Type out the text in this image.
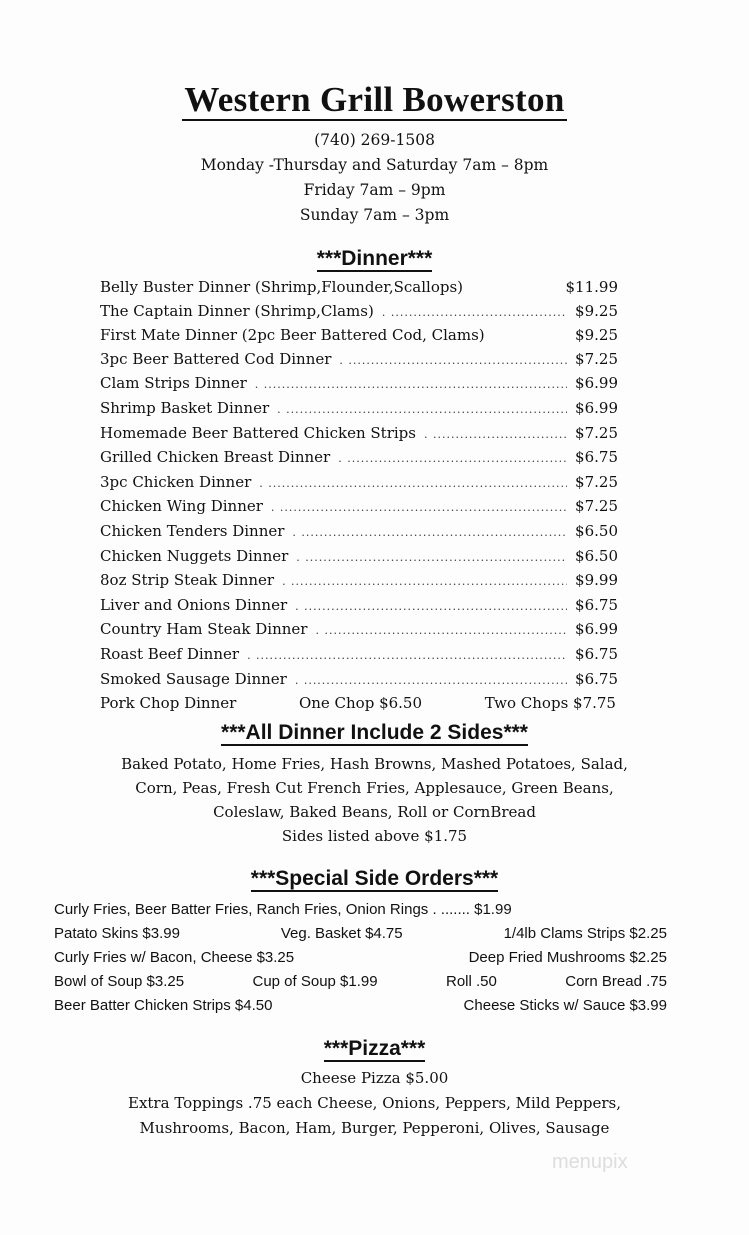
Western Grill Bowerston
(740) 269-1508
Monday -Thursday and Saturday 7am – 8pm
Friday 7am – 9pm
Sunday 7am – 3pm
***Dinner***
Belly Buster Dinner (Shrimp,Flounder,Scallops)	$11.99
The Captain Dinner (Shrimp,Clams) . ...	$9.25
First Mate Dinner (2pc Beer Battered Cod, Clams)	$9.25
3pc Beer Battered Cod Dinner . ...	$7.25
Clam Strips Dinner . ...	$6.99
Shrimp Basket Dinner . ...	$6.99
Homemade Beer Battered Chicken Strips . ...	$7.25
Grilled Chicken Breast Dinner . ...	$6.75
3pc Chicken Dinner . ...	$7.25
Chicken Wing Dinner . ...	$7.25
Chicken Tenders Dinner . ...	$6.50
Chicken Nuggets Dinner . ...	$6.50
8oz Strip Steak Dinner . ...	$9.99
Liver and Onions Dinner . ...	$6.75
Country Ham Steak Dinner . ...	$6.99
Roast Beef Dinner . ...	$6.75
Smoked Sausage Dinner . ...	$6.75
Pork Chop Dinner	One Chop $6.50	Two Chops $7.75
***All Dinner Include 2 Sides***
Baked Potato, Home Fries, Hash Browns, Mashed Potatoes, Salad,
Corn, Peas, Fresh Cut French Fries, Applesauce, Green Beans,
Coleslaw, Baked Beans, Roll or CornBread
Sides listed above $1.75
***Special Side Orders***
Curly Fries, Beer Batter Fries, Ranch Fries, Onion Rings . ....... $1.99
Patato Skins $3.99	Veg. Basket $4.75	1/4lb Clams Strips $2.25
Curly Fries w/ Bacon, Cheese $3.25	Deep Fried Mushrooms $2.25
Bowl of Soup $3.25	Cup of Soup $1.99	Roll .50	Corn Bread .75
Beer Batter Chicken Strips $4.50	Cheese Sticks w/ Sauce $3.99
***Pizza***
Cheese Pizza $5.00
Extra Toppings .75 each Cheese, Onions, Peppers, Mild Peppers,
Mushrooms, Bacon, Ham, Burger, Pepperoni, Olives, Sausage
menupix
